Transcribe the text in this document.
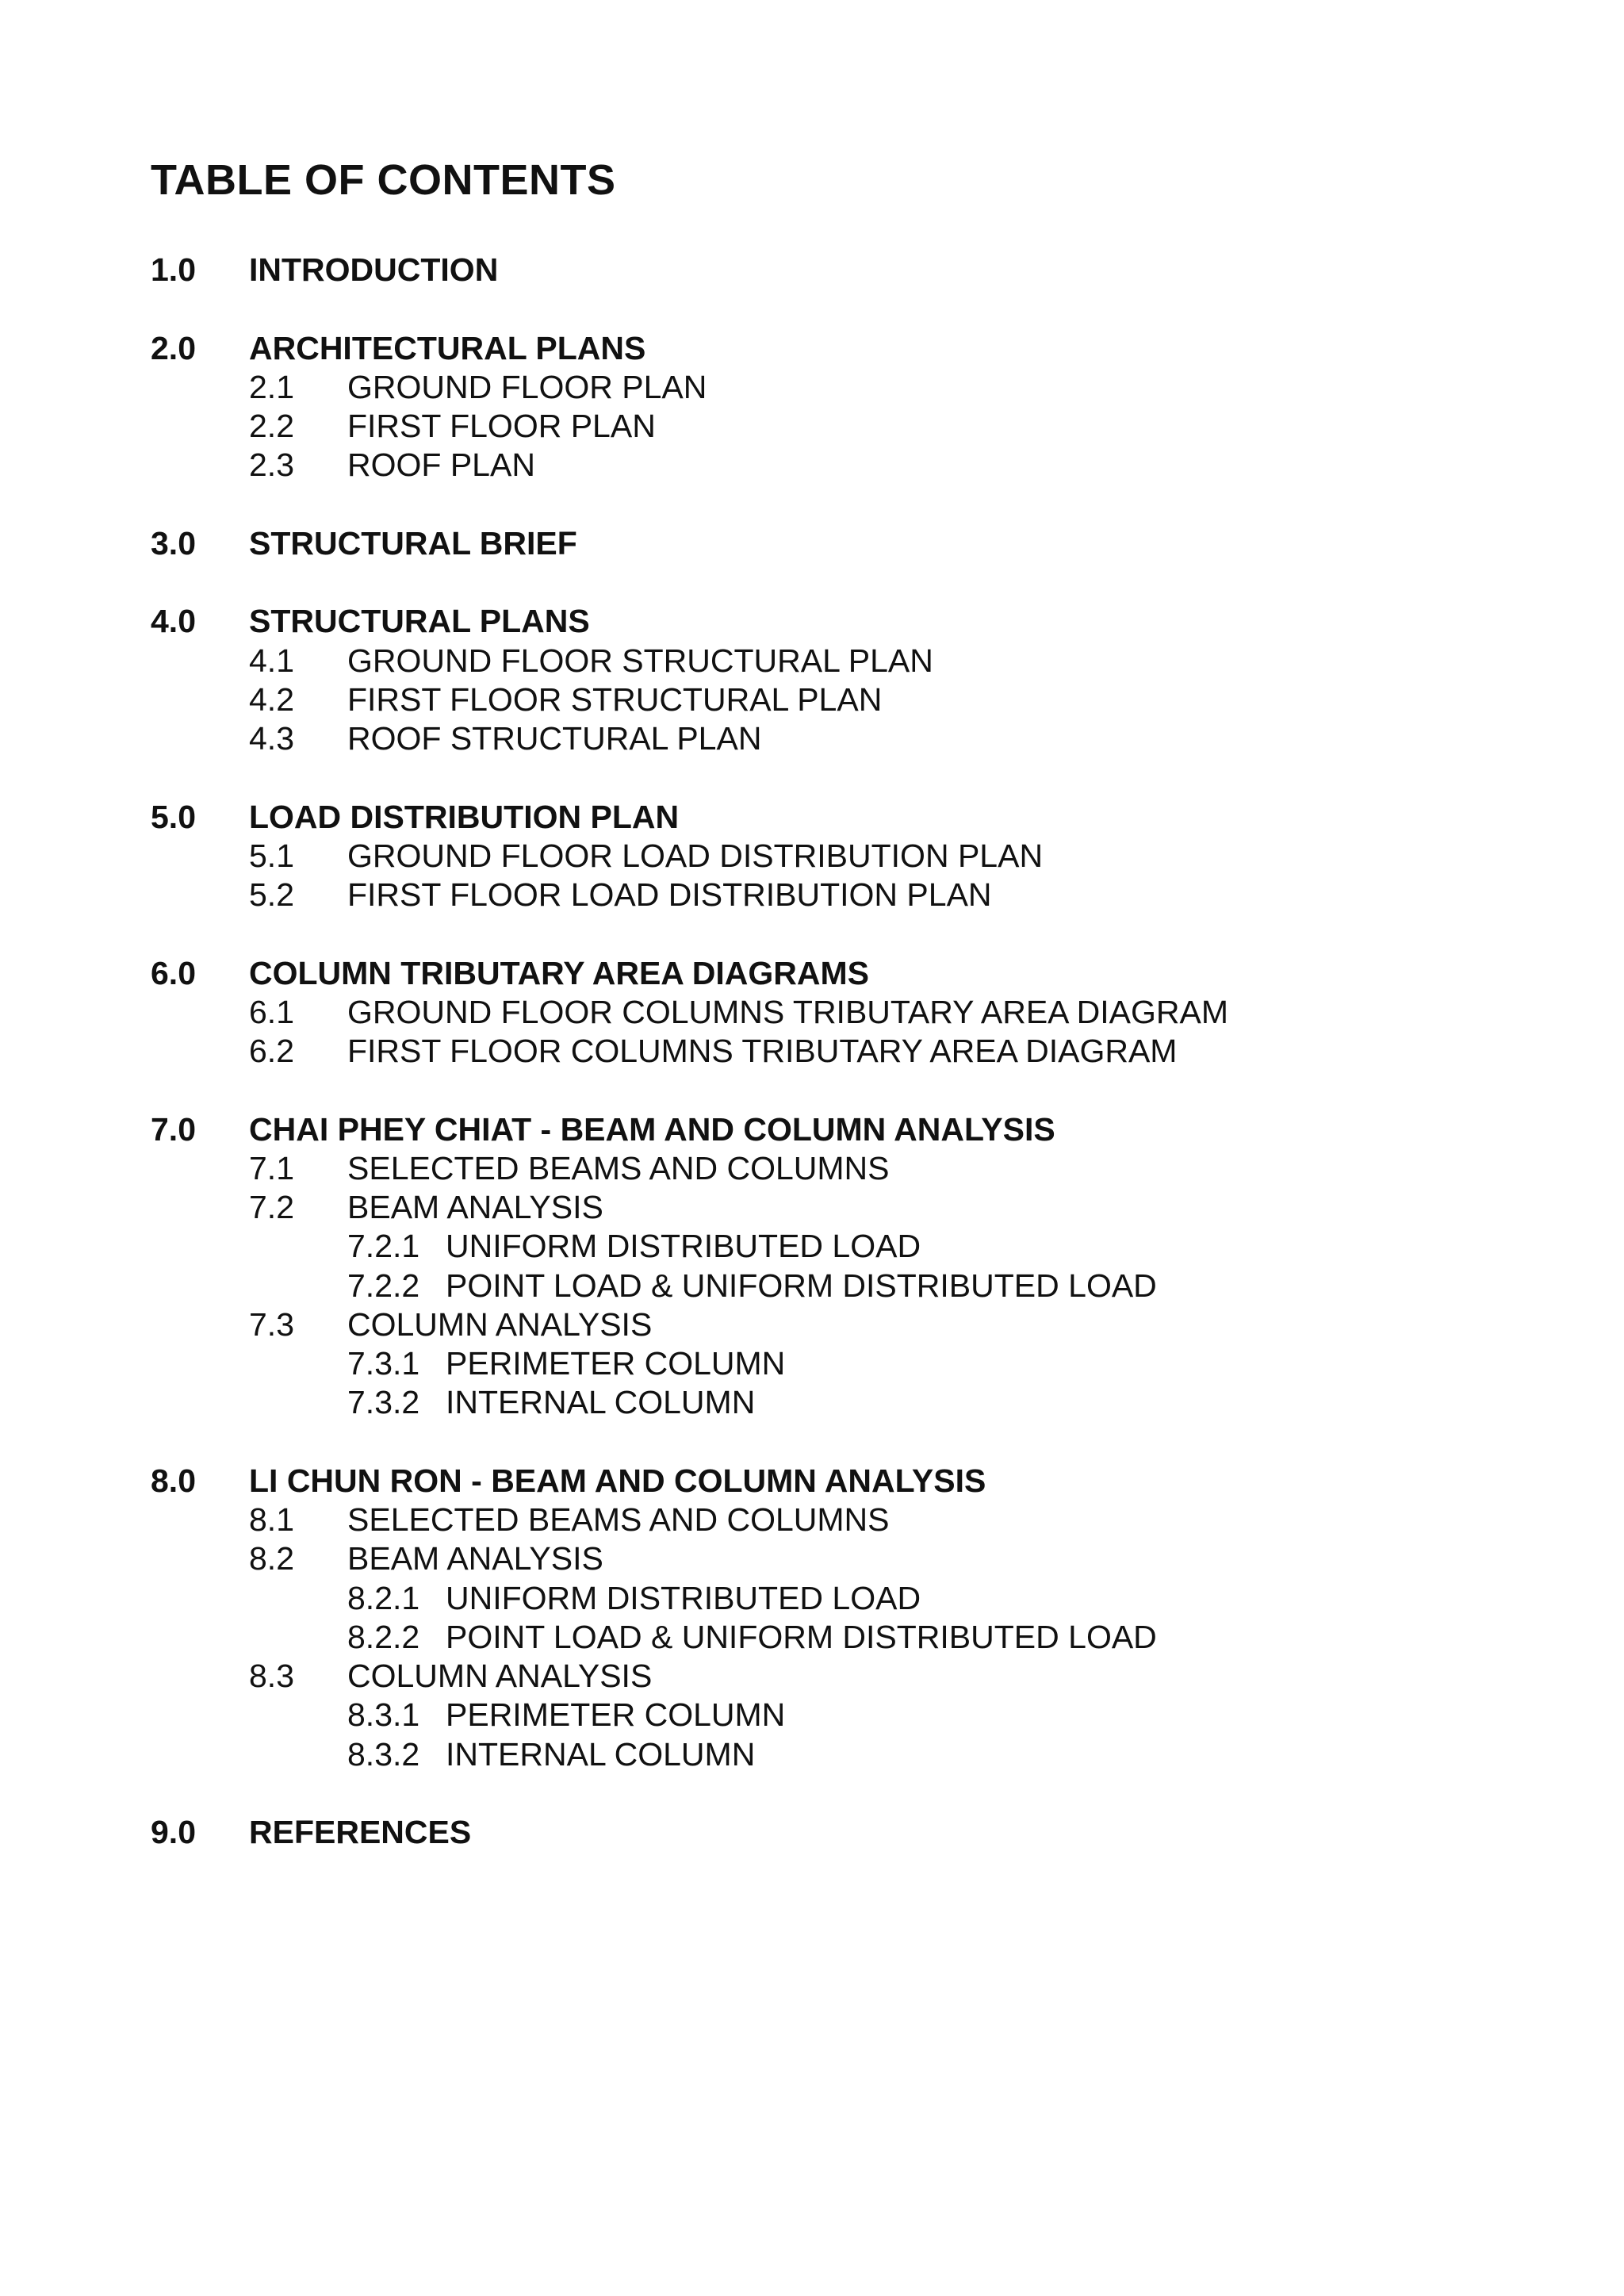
TABLE OF CONTENTS
1.0 INTRODUCTION
2.0 ARCHITECTURAL PLANS
2.1 GROUND FLOOR PLAN
2.2 FIRST FLOOR PLAN
2.3 ROOF PLAN
3.0 STRUCTURAL BRIEF
4.0 STRUCTURAL PLANS
4.1 GROUND FLOOR STRUCTURAL PLAN
4.2 FIRST FLOOR STRUCTURAL PLAN
4.3 ROOF STRUCTURAL PLAN
5.0 LOAD DISTRIBUTION PLAN
5.1 GROUND FLOOR LOAD DISTRIBUTION PLAN
5.2 FIRST FLOOR LOAD DISTRIBUTION PLAN
6.0 COLUMN TRIBUTARY AREA DIAGRAMS
6.1 GROUND FLOOR COLUMNS TRIBUTARY AREA DIAGRAM
6.2 FIRST FLOOR COLUMNS TRIBUTARY AREA DIAGRAM
7.0 CHAI PHEY CHIAT - BEAM AND COLUMN ANALYSIS
7.1 SELECTED BEAMS AND COLUMNS
7.2 BEAM ANALYSIS
7.2.1 UNIFORM DISTRIBUTED LOAD
7.2.2 POINT LOAD & UNIFORM DISTRIBUTED LOAD
7.3 COLUMN ANALYSIS
7.3.1 PERIMETER COLUMN
7.3.2 INTERNAL COLUMN
8.0 LI CHUN RON - BEAM AND COLUMN ANALYSIS
8.1 SELECTED BEAMS AND COLUMNS
8.2 BEAM ANALYSIS
8.2.1 UNIFORM DISTRIBUTED LOAD
8.2.2 POINT LOAD & UNIFORM DISTRIBUTED LOAD
8.3 COLUMN ANALYSIS
8.3.1 PERIMETER COLUMN
8.3.2 INTERNAL COLUMN
9.0 REFERENCES
